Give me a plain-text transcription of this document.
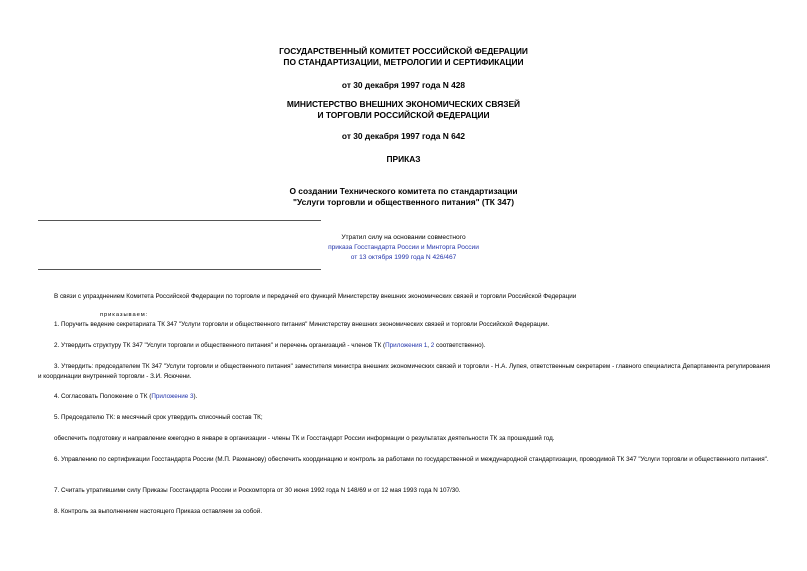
ГОСУДАРСТВЕННЫЙ КОМИТЕТ РОССИЙСКОЙ ФЕДЕРАЦИИ

ПО СТАНДАРТИЗАЦИИ, МЕТРОЛОГИИ И СЕРТИФИКАЦИИ

от 30 декабря 1997 года N 428

МИНИСТЕРСТВО ВНЕШНИХ ЭКОНОМИЧЕСКИХ СВЯЗЕЙ

И ТОРГОВЛИ РОССИЙСКОЙ ФЕДЕРАЦИИ

от 30 декабря 1997 года N 642

ПРИКАЗ

О создании Технического комитета по стандартизации

"Услуги торговли и общественного питания" (ТК 347)

Утратил силу на основании совместного
приказа Госстандарта России и Минторга России
от 13 октября 1999 года N 426/467

В связи с упразднением Комитета Российской Федерации по торговле и передачей его функций Министерству внешних экономических связей и торговли Российской Федерации

приказываем:

1. Поручить ведение секретариата ТК 347 "Услуги торговли и общественного питания" Министерству внешних экономических связей и торговли Российской Федерации.

2. Утвердить структуру ТК 347 "Услуги торговли и общественного питания" и перечень организаций - членов ТК (Приложения 1, 2 соответственно).

3. Утвердить: председателем ТК 347 "Услуги торговли и общественного питания" заместителя министра внешних экономических связей и торговли - Н.А. Лупея, ответственным секретарем - главного специалиста Департамента регулирования и координации внутренней торговли - З.И. Ясючени.

4. Согласовать Положение о ТК (Приложение 3).

5. Председателю ТК: в месячный срок утвердить списочный состав ТК;

обеспечить подготовку и направление ежегодно в январе в организации - члены ТК и Госстандарт России информации о результатах деятельности ТК за прошедший год.

6. Управлению по сертификации Госстандарта России (М.П. Рахманову) обеспечить координацию и контроль за работами по государственной и международной стандартизации, проводимой ТК 347 "Услуги торговли и общественного питания".

7. Считать утратившими силу Приказы Госстандарта России и Роскомторга от 30 июня 1992 года N 148/69 и от 12 мая 1993 года N 107/30.

8. Контроль за выполнением настоящего Приказа оставляем за собой.
